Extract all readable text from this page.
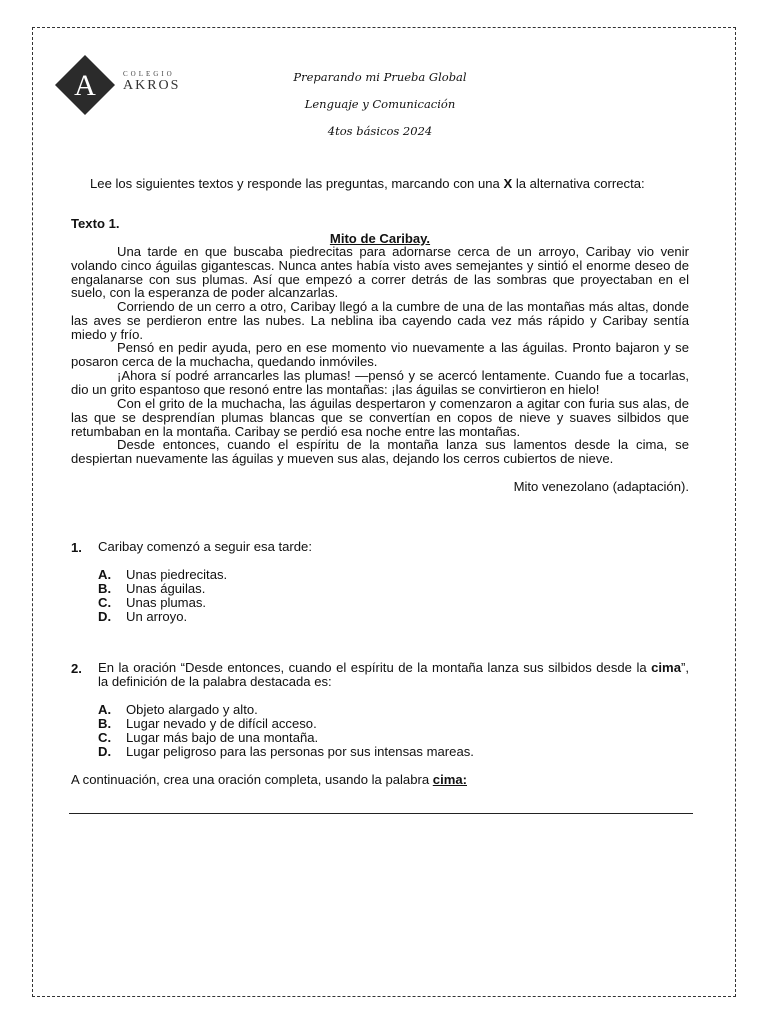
A	COLEGIO
AKROS
Preparando mi Prueba Global
Lenguaje y Comunicación
4tos básicos 2024

Lee los siguientes textos y responde las preguntas, marcando con una X la alternativa correcta:

Texto 1.
Mito de Caribay.

Una tarde en que buscaba piedrecitas para adornarse cerca de un arroyo, Caribay vio venir volando cinco águilas gigantescas. Nunca antes había visto aves semejantes y sintió el enorme deseo de engalanarse con sus plumas. Así que empezó a correr detrás de las sombras que proyectaban en el suelo, con la esperanza de poder alcanzarlas.

Corriendo de un cerro a otro, Caribay llegó a la cumbre de una de las montañas más altas, donde las aves se perdieron entre las nubes. La neblina iba cayendo cada vez más rápido y Caribay sentía miedo y frío.

Pensó en pedir ayuda, pero en ese momento vio nuevamente a las águilas. Pronto bajaron y se posaron cerca de la muchacha, quedando inmóviles.

¡Ahora sí podré arrancarles las plumas! —pensó y se acercó lentamente. Cuando fue a tocarlas, dio un grito espantoso que resonó entre las montañas: ¡las águilas se convirtieron en hielo!

Con el grito de la muchacha, las águilas despertaron y comenzaron a agitar con furia sus alas, de las que se desprendían plumas blancas que se convertían en copos de nieve y suaves silbidos que retumbaban en la montaña. Caribay se perdió esa noche entre las montañas.

Desde entonces, cuando el espíritu de la montaña lanza sus lamentos desde la cima, se despiertan nuevamente las águilas y mueven sus alas, dejando los cerros cubiertos de nieve.

Mito venezolano (adaptación).
1. Caribay comenzó a seguir esa tarde:
A. Unas piedrecitas.
B. Unas águilas.
C. Unas plumas.
D. Un arroyo.
2. En la oración “Desde entonces, cuando el espíritu de la montaña lanza sus silbidos desde la cima”, la definición de la palabra destacada es:
A. Objeto alargado y alto.
B. Lugar nevado y de difícil acceso.
C. Lugar más bajo de una montaña.
D. Lugar peligroso para las personas por sus intensas mareas.
A continuación, crea una oración completa, usando la palabra cima:
